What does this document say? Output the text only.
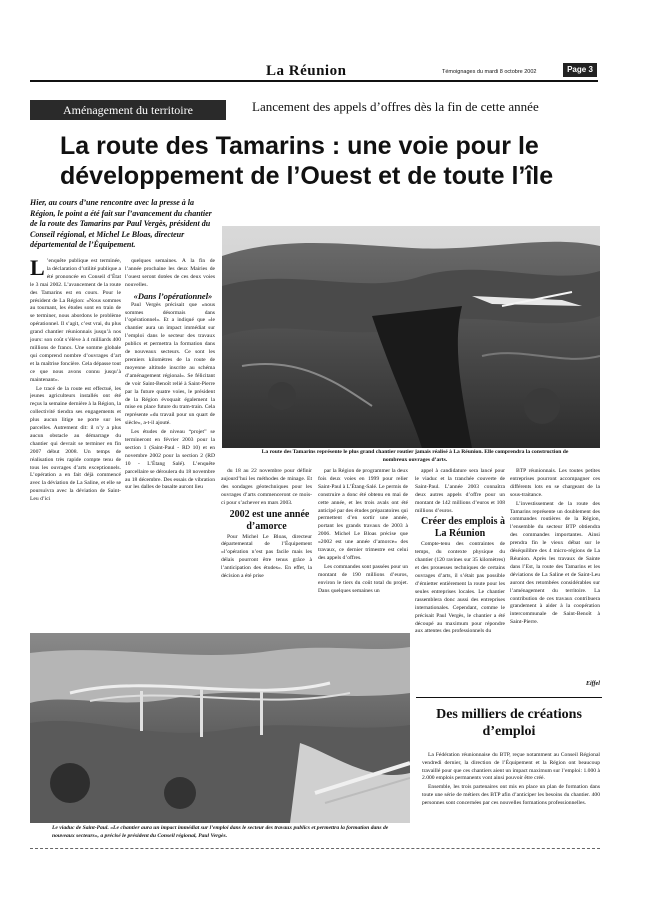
La Réunion	Témoignages du mardi 8 octobre 2002	Page 3
Aménagement du territoire	Lancement des appels d’offres dès la fin de cette année
La route des Tamarins : une voie pour le développement de l’Ouest et de toute l’île
Hier, au cours d’une rencontre avec la presse à la Région, le point a été fait sur l’avancement du chantier de la route des Tamarins par Paul Vergès, président du Conseil régional, et Michel Le Bloas, directeur départemental de l’Équipement.
La route des Tamarins représente le plus grand chantier routier jamais réalisé à La Réunion. Elle comprendra la construction de nombreux ouvrages d’arts.

L ’enquête publique est terminée, la déclaration d’utilité publique a été prononcée en Conseil d’État le 3 mai 2002. L’avancement de la route des Tamarins est en cours. Pour le président de La Région: «Nous sommes au tournant, les études sont en train de se terminer, nous abordons le problème opérationnel. Il s’agit, c’est vrai, du plus grand chantier réunionnais jusqu’à nos jours: son coût s’élève à 4 milliards 400 millions de francs. Une somme globale qui comprend nombre d’ouvrages d’art et la maîtrise foncière. Cela dépasse tout ce que nous avons connu jusqu’à maintenant».

Le tracé de la route est effectué, les jeunes agriculteurs installés ont été reçus la semaine dernière à la Région, la collectivité tiendra ses engagements et plus aucun litige ne porte sur les parcelles. Autrement dit: il n’y a plus aucun obstacle au démarrage du chantier qui devrait se terminer en fin 2007 début 2008. Un temps de réalisation très rapide compte tenu de tous les ouvrages d’arts exceptionnels. L’opération a en fait déjà commencé avec la déviation de La Saline, et elle se poursuivra avec la déviation de Saint-Leu d’ici

quelques semaines. À la fin de l’année prochaine les deux Mairies de l’ouest seront dotées de ces deux voies nouvelles.

«Dans l’opérationnel»

Paul Vergès précisait que «nous sommes désormais dans l’opérationnel». Et a indiqué que «le chantier aura un impact immédiat sur l’emploi dans le secteur des travaux publics et permettra la formation dans de nouveaux secteurs. Ce sont les premiers kilomètres de la route de moyenne altitude inscrite au schéma d’aménagement régional». Se félicitant de voir Saint-Benoît relié à Saint-Pierre par la future quatre voies, le président de la Région évoquait également la mise en place future du tram-train. Cela représente «du travail pour un quart de siècle», a-t-il ajouté.

Les études de niveau “projet” se termineront en février 2003 pour la section 1 (Saint-Paul - RD 10) et en novembre 2002 pour la section 2 (RD 10 - L’Étang Salé). L’enquête parcellaire se déroulera du 18 novembre au 18 décembre. Des essais de vibration sur les dalles de basalte auront lieu

du 18 au 22 novembre pour définir aujourd’hui les méthodes de minage. Et des sondages géotechniques pour les ouvrages d’arts commenceront ce mois-ci pour s’achever en mars 2003.

2002 est une année d’amorce

Pour Michel Le Bloas, directeur départemental de l’Équipement «l’opération n’est pas facile mais les délais pourront être tenus grâce à l’anticipation des études». En effet, la décision a été prise

par la Région de programmer la deux fois deux voies en 1999 pour relier Saint-Paul à L’Étang-Salé. Le permis de construire a donc été obtenu en mai de cette année, et les trois avals ont été anticipé par des études préparatoires qui permettent d’en sortir une année, portant les grands travaux de 2003 à 2006. Michel Le Bloas précise que «2002 est une année d’amorce» des travaux, ce dernier trimestre est celui des appels d’offres.

Les commandes sont passées pour un montant de 190 millions d’euros, environ le tiers du coût total du projet. Dans quelques semaines un

appel à candidature sera lancé pour le viaduc et la tranchée couverte de Saint-Paul. L’année 2003 connaîtra deux autres appels d’offre pour un montant de 142 millions d’euros et 108 millions d’euros.

Créer des emplois à La Réunion

Compte-tenu des contraintes de temps, du contexte physique du chantier (120 ravines sur 35 kilomètres) et des prouesses techniques de certains ouvrages d’arts, il s’était pas possible d’émietter entièrement la route pour les seules entreprises locales. Le chantier rassemblera donc aussi des entreprises internationales. Cependant, comme le précisait Paul Vergès, le chantier a été découpé au maximum pour répondre aux attentes des professionnels du

BTP réunionnais. Les toutes petites entreprises pourront accompagner ces différents lots en se chargeant de la sous-traitance.

L’investissement de la route des Tamarins représente un doublement des commandes routières de la Région, l’ensemble du secteur BTP obtiendra des commandes importantes. Ainsi prendra fin le vieux débat sur le déséquilibre des 4 micro-régions de La Réunion. Après les travaux de Sainte dans l’Est, la route des Tamarins et les déviations de La Saline et de Saint-Leu auront des retombées considérables sur l’aménagement du territoire. La contribution de ces travaux contribuera grandement à aider à la coopération intercommunale de Saint-Benoît à Saint-Pierre.

Eiffel
Le viaduc de Saint-Paul. «Le chantier aura un impact immédiat sur l’emploi dans le secteur des travaux publics et permettra la formation dans de nouveaux secteurs», a précisé le président du Conseil régional, Paul Vergès.
Des milliers de créations d’emploi

La Fédération réunionnaise du BTP, reçue notamment au Conseil Régional vendredi dernier, la direction de l’Équipement et la Région ont beaucoup travaillé pour que ces chantiers aient un impact maximum sur l’emploi: 1.000 à 2.000 emplois permanents vont ainsi pouvoir être créé.

Ensemble, les trois partenaires ont mis en place un plan de formation dans toute une série de métiers des BTP afin d’anticiper les besoins du chantier. 400 personnes sont concernées par ces nouvelles formations professionnelles.
